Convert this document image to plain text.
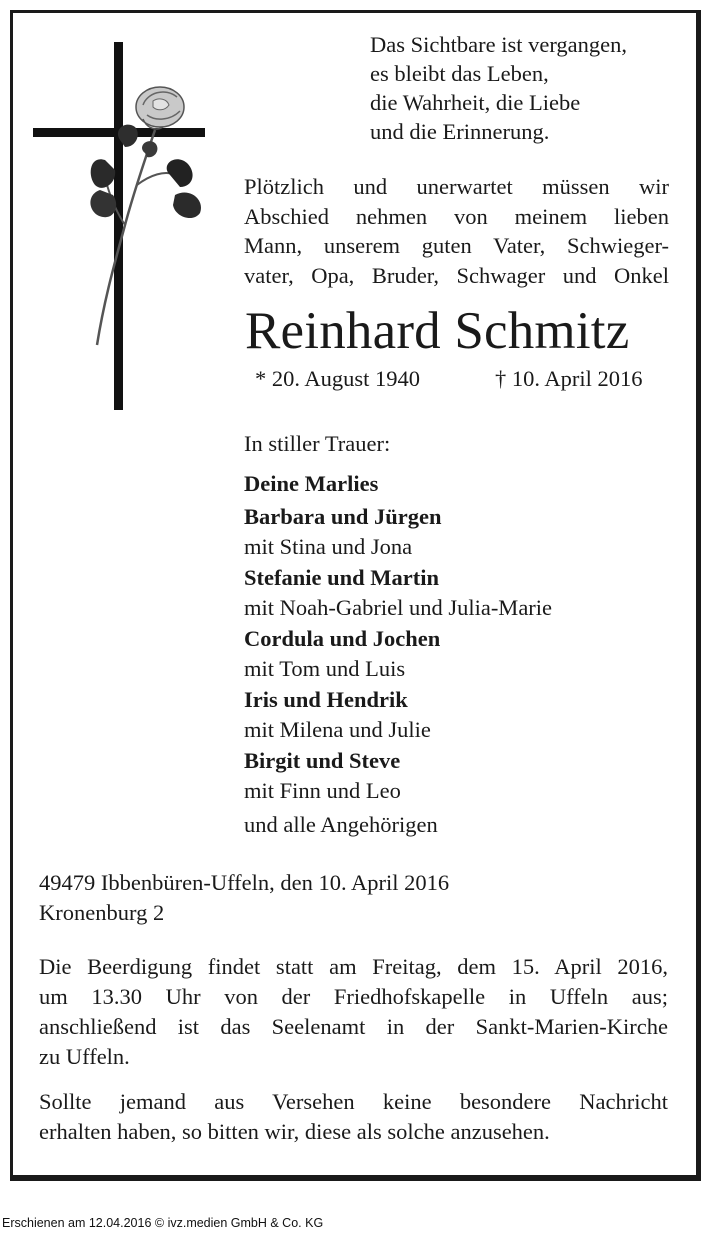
Das Sichtbare ist vergangen,
es bleibt das Leben,
die Wahrheit, die Liebe
und die Erinnerung.
Plötzlich und unerwartet müssen wir
Abschied nehmen von meinem lieben
Mann, unserem guten Vater, Schwieger-
vater, Opa, Bruder, Schwager und Onkel
Reinhard Schmitz
* 20. August 1940	† 10. April 2016
In stiller Trauer:
Deine Marlies
Barbara und Jürgen
mit Stina und Jona
Stefanie und Martin
mit Noah-Gabriel und Julia-Marie
Cordula und Jochen
mit Tom und Luis
Iris und Hendrik
mit Milena und Julie
Birgit und Steve
mit Finn und Leo
und alle Angehörigen
49479 Ibbenbüren-Uffeln, den 10. April 2016
Kronenburg 2
Die Beerdigung findet statt am Freitag, dem 15. April 2016,
um 13.30 Uhr von der Friedhofskapelle in Uffeln aus;
anschließend ist das Seelenamt in der Sankt-Marien-Kirche
zu Uffeln.
Sollte jemand aus Versehen keine besondere Nachricht
erhalten haben, so bitten wir, diese als solche anzusehen.
Erschienen am 12.04.2016 © ivz.medien GmbH & Co. KG
